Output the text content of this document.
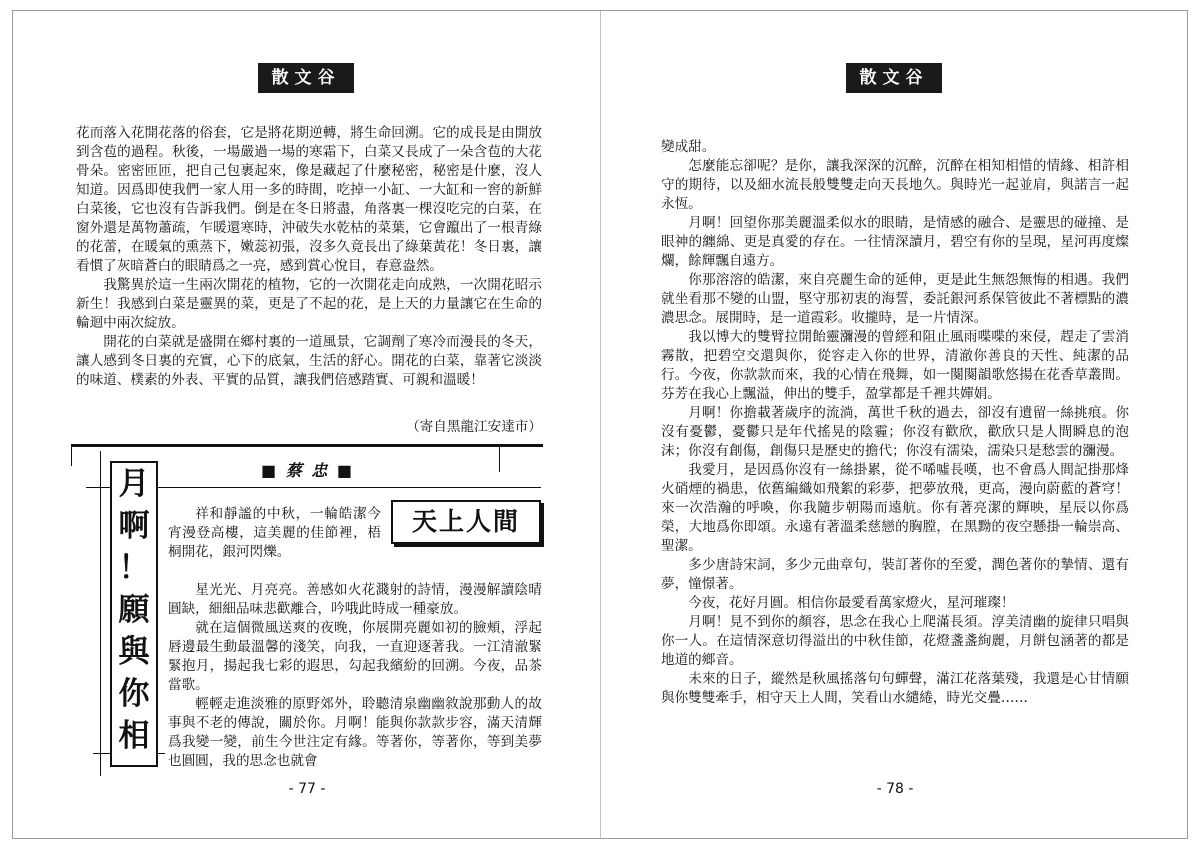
散文谷

花而落入花開花落的俗套，它是將花期逆轉，將生命回溯。它的成長是由開放到含苞的過程。秋後，一場嚴過一場的寒霜下，白菜又長成了一朵含苞的大花骨朵。密密匝匝，把自己包裹起來，像是藏起了什麼秘密，秘密是什麼，沒人知道。因爲即使我們一家人用一多的時間，吃掉一小缸、一大缸和一窖的新鮮白菜後，它也沒有告訴我們。倒是在冬日將盡，角落裏一棵沒吃完的白菜，在窗外還是萬物蕭疏，乍暖還寒時，沖破失水乾枯的菜葉，它會躥出了一根青綠的花蕾，在暖氣的熏蒸下，嫩蕊初張，沒多久竟長出了綠葉黃花！冬日裏，讓看慣了灰暗蒼白的眼睛爲之一亮，感到賞心悅目，春意盎然。

我驚異於這一生兩次開花的植物，它的一次開花走向成熟，一次開花昭示新生！我感到白菜是靈異的菜，更是了不起的花，是上天的力量讓它在生命的輪迴中兩次綻放。

開花的白菜就是盛開在鄉村裏的一道風景，它調劑了寒冷而漫長的冬天，讓人感到冬日裏的充實，心下的底氣，生活的舒心。開花的白菜，靠著它淡淡的味道、樸素的外表、平實的品質，讓我們倍感踏實、可親和溫暖！

（寄自黑龍江安達市）
■ 蔡 忠 ■
月
啊
！
願
與
你
相
天上人間

祥和靜謐的中秋，一輪皓潔今宵漫登高樓，這美麗的佳節裡，梧桐開花，銀河閃爍。

星光光、月亮亮。善感如火花濺射的詩情，漫漫解讀陰晴圓缺，細細品味悲歡離合，吟哦此時成一種豪放。

就在這個微風送爽的夜晚，你展開亮麗如初的臉頰，浮起唇邊最生動最溫馨的淺笑，向我，一直迎逐著我。一江清澈緊緊抱月，揚起我七彩的遐思，勾起我繽紛的回溯。今夜，品茶當歌。

輕輕走進淡雅的原野郊外，聆聽清泉幽幽敘說那動人的故事與不老的傳說，關於你。月啊！能與你款款步容，滿天清輝爲我變一變，前生今世注定有緣。等著你，等著你，等到美夢也圓圓，我的思念也就會

- 77 -
散文谷

變成甜。

怎麼能忘卻呢？是你，讓我深深的沉醉，沉醉在相知相惜的情緣、相許相守的期待，以及細水流長般雙雙走向天長地久。與時光一起並肩，與諾言一起永恆。

月啊！回望你那美麗溫柔似水的眼睛，是情感的融合、是靈思的碰撞、是眼神的纏綿、更是真愛的存在。一往情深讀月，碧空有你的呈現，星河再度燦爛，餘輝飄自遠方。

你那溶溶的皓潔，來自亮麗生命的延伸，更是此生無怨無悔的相遇。我們就坐看那不變的山盟，堅守那初衷的海誓，委託銀河系保管彼此不著標點的濃濃思念。展開時，是一道霞彩。收攏時，是一片情深。

我以博大的雙臂拉開飴靈瀰漫的曾經和阻止風雨喋喋的來侵，趕走了雲消霧散，把碧空交還與你，從容走入你的世界，清澈你善良的天性、純潔的品行。今夜，你款款而來，我的心情在飛舞，如一闋闋韻歌悠揚在花香草叢間。芬芳在我心上飄溢，伸出的雙手，盈掌都是千裡共嬋娟。

月啊！你擔載著歲序的流淌，萬世千秋的過去，卻沒有遺留一絲挑痕。你沒有憂鬱，憂鬱只是年代搖晃的陰霾；你沒有歡欣，歡欣只是人間瞬息的泡沫；你沒有創傷，創傷只是歷史的擔代；你沒有濡染，濡染只是愁雲的瀰漫。

我愛月，是因爲你沒有一絲掛累，從不唏噓長嘆，也不會爲人間記掛那烽火硝煙的禍患，依舊編織如飛絮的彩夢，把夢放飛，更高，漫向蔚藍的蒼穹！來一次浩瀚的呼喚，你我隨步朝陽而遠航。你有著亮潔的輝映，星辰以你爲榮，大地爲你即頌。永遠有著溫柔慈戀的胸膛，在黑黝的夜空懸掛一輪崇高、聖潔。

多少唐詩宋詞，多少元曲章句，裝訂著你的至愛，潤色著你的摯情、還有夢，憧憬著。

今夜，花好月圓。相信你最愛看萬家燈火，星河璀璨！

月啊！見不到你的顏容，思念在我心上爬滿長須。淳美清幽的旋律只唱與你一人。在這情深意切得溢出的中秋佳節，花燈盞盞絢麗，月餅包涵著的都是地道的鄉音。

未來的日子，縱然是秋風搖落句句蟬聲，滿江花落葉殘，我還是心甘情願與你雙雙牽手，相守天上人間，笑看山水繾綣，時光交疊……

- 78 -
